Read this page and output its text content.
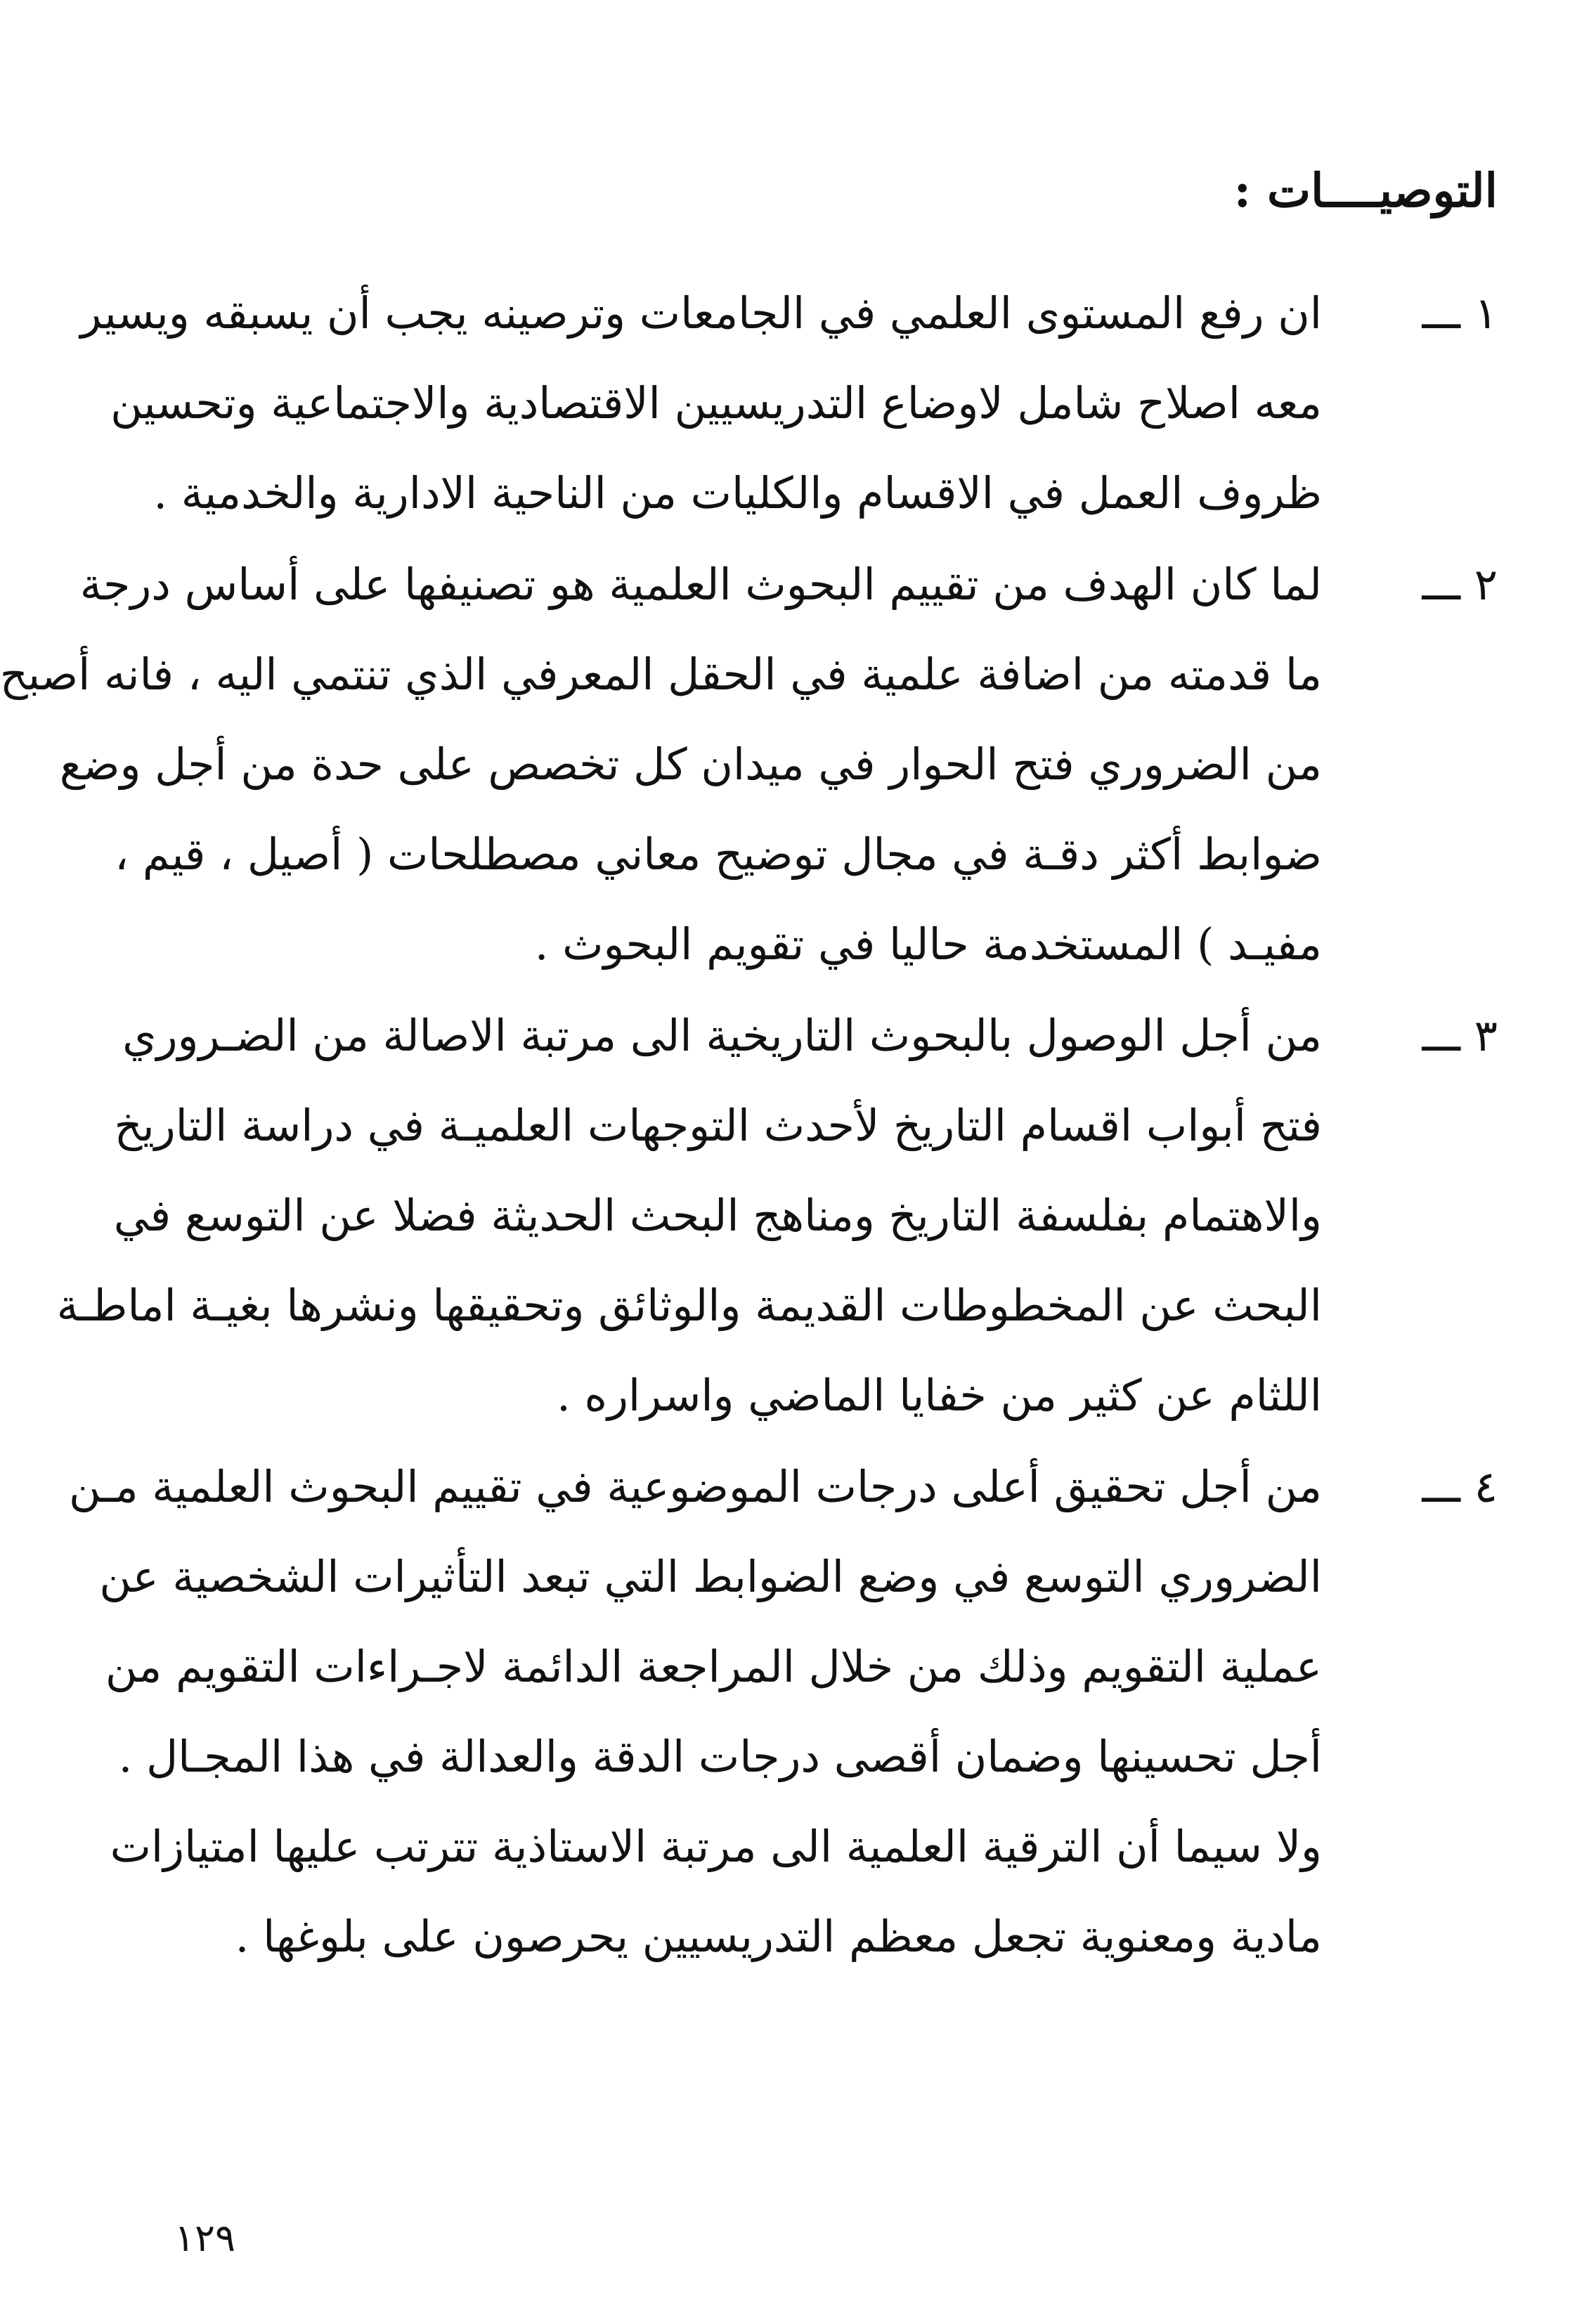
التوصيــــات :
١ ـــ
ان رفع المستوى العلمي في الجامعات وترصينه يجب أن يسبقه ويسير
معه اصلاح شامل لاوضاع التدريسيين الاقتصادية والاجتماعية وتحسين
ظروف العمل في الاقسام والكليات من الناحية الادارية والخدمية .
٢ ـــ
لما كان الهدف من تقييم البحوث العلمية هو تصنيفها على أساس درجة
ما قدمته من اضافة علمية في الحقل المعرفي الذي تنتمي اليه ، فانه أصبح
من الضروري فتح الحوار في ميدان كل تخصص على حدة من أجل وضع
ضوابط أكثر دقـة في مجال توضيح معاني مصطلحات ( أصيل ، قيم ،
مفيـد ) المستخدمة حاليا في تقويم البحوث .
٣ ـــ
من أجل الوصول بالبحوث التاريخية الى مرتبة الاصالة من الضـروري
فتح أبواب اقسام التاريخ لأحدث التوجهات العلميـة في دراسة التاريخ
والاهتمام بفلسفة التاريخ ومناهج البحث الحديثة فضلا عن التوسع في
البحث عن المخطوطات القديمة والوثائق وتحقيقها ونشرها بغيـة اماطـة
اللثام عن كثير من خفايا الماضي واسراره .
٤ ـــ
من أجل تحقيق أعلى درجات الموضوعية في تقييم البحوث العلمية مـن
الضروري التوسع في وضع الضوابط التي تبعد التأثيرات الشخصية عن
عملية التقويم وذلك من خلال المراجعة الدائمة لاجـراءات التقويم من
أجل تحسينها وضمان أقصى درجات الدقة والعدالة في هذا المجـال .
ولا سيما أن الترقية العلمية الى مرتبة الاستاذية تترتب عليها امتيازات
مادية ومعنوية تجعل معظم التدريسيين يحرصون على بلوغها .
١٢٩
